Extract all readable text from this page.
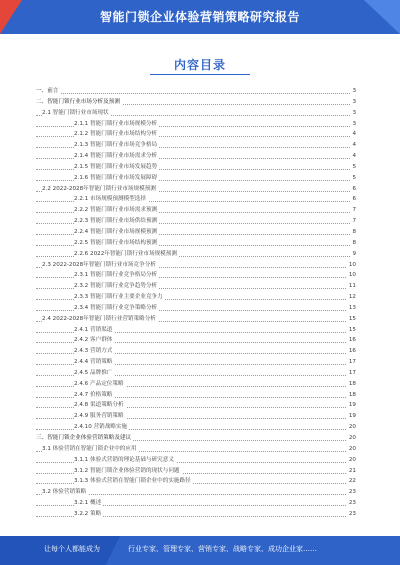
智能门锁企业体验营销策略研究报告
内容目录
一、前言	3
二、智能门锁行业市场分析及预测	3
2.1 智能门锁行业市场现状	3
2.1.1 智能门锁行业市场规模分析	3
2.1.2 智能门锁行业市场结构分析	4
2.1.3 智能门锁行业市场竞争格局	4
2.1.4 智能门锁行业市场需求分析	4
2.1.5 智能门锁行业市场发展趋势	5
2.1.6 智能门锁行业市场发展障碍	5
2.2 2022-2028年智能门锁行业市场规模预测	6
2.2.1 市场规模预测模型选择	6
2.2.2 智能门锁行业市场需求预测	7
2.2.3 智能门锁行业市场供给预测	7
2.2.4 智能门锁行业市场规模预测	8
2.2.5 智能门锁行业市场结构预测	8
2.2.6 2022年智能门锁行业市场规模预测	9
2.3 2022-2028年智能门锁行业市场竞争分析	10
2.3.1 智能门锁行业竞争格局分析	10
2.3.2 智能门锁行业竞争趋势分析	11
2.3.3 智能门锁行业主要企业竞争力	12
2.3.4 智能门锁行业竞争策略分析	13
2.4 2022-2028年智能门锁行业营销策略分析	15
2.4.1 营销渠道	15
2.4.2 客户群体	16
2.4.3 营销方式	16
2.4.4 营销策略	17
2.4.5 品牌推广	17
2.4.6 产品定位策略	18
2.4.7 价格策略	18
2.4.8 渠道策略分析	19
2.4.9 服务营销策略	19
2.4.10 营销战略实施	20
三、智能门锁企业体验营销策略及建议	20
3.1 体验营销在智能门锁企业中的应用	20
3.1.1 体验式营销的理论基础与研究意义	20
3.1.2 智能门锁企业体验营销的现状与问题	21
3.1.3 体验式营销在智能门锁企业中的实施路径	22
3.2 体验营销策略	23
3.2.1 概述	23
3.2.2 策略	23
让每个人都能成为	行业专家、管理专家、营销专家、战略专家、成功企业家……
